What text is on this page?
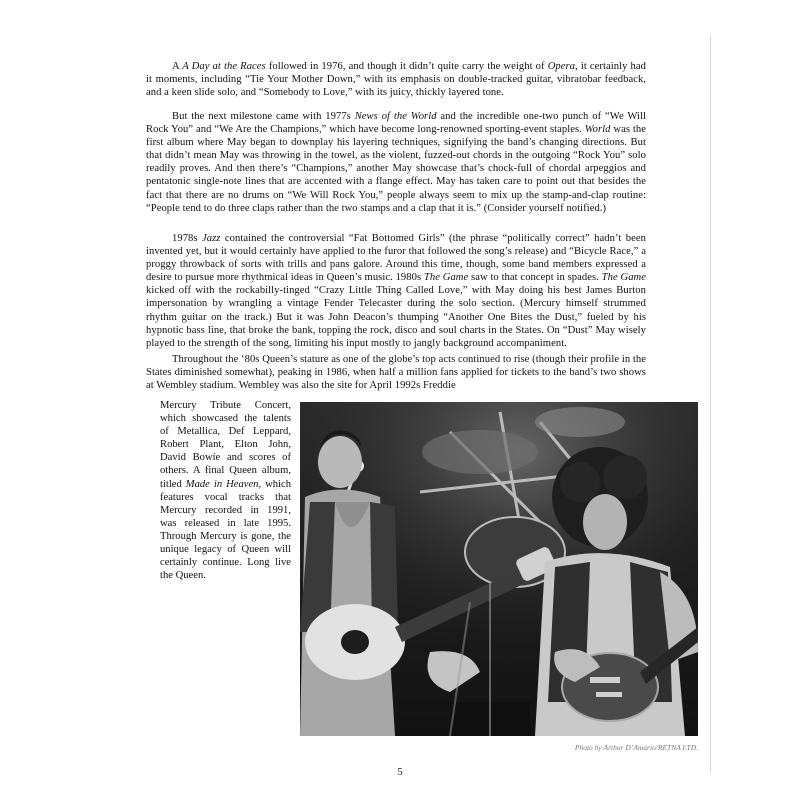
A A Day at the Races followed in 1976, and though it didn’t quite carry the weight of Opera, it certainly had it moments, including “Tie Your Mother Down,” with its emphasis on double-tracked guitar, vibratobar feedback, and a keen slide solo, and “Somebody to Love,” with its juicy, thickly layered tone.

But the next milestone came with 1977s News of the World and the incredible one-two punch of “We Will Rock You” and “We Are the Champions,” which have become long-renowned sporting-event staples. World was the first album where May began to downplay his layering techniques, signifying the band’s changing directions. But that didn’t mean May was throwing in the towel, as the violent, fuzzed-out chords in the outgoing “Rock You” solo readily proves. And then there’s “Champions,” another May showcase that’s chock-full of chordal arpeggios and pentatonic single-note lines that are accented with a flange effect. May has taken care to point out that besides the fact that there are no drums on “We Will Rock You,” people always seem to mix up the stamp-and-clap routine: “People tend to do three claps rather than the two stamps and a clap that it is.” (Consider yourself notified.)

1978s Jazz contained the controversial “Fat Bottomed Girls” (the phrase “politically correct” hadn’t been invented yet, but it would certainly have applied to the furor that followed the song’s release) and “Bicycle Race,” a proggy throwback of sorts with trills and pans galore. Around this time, though, some band members expressed a desire to pursue more rhythmical ideas in Queen’s music. 1980s The Game saw to that concept in spades. The Game kicked off with the rockabilly-tinged “Crazy Little Thing Called Love,” with May doing his best James Burton impersonation by wrangling a vintage Fender Telecaster during the solo section. (Mercury himself strummed rhythm guitar on the track.) But it was John Deacon’s thumping “Another One Bites the Dust,” fueled by his hypnotic bass line, that broke the bank, topping the rock, disco and soul charts in the States. On “Dust” May wisely played to the strength of the song, limiting his input mostly to jangly background accompaniment.

Throughout the ‘80s Queen’s stature as one of the globe’s top acts continued to rise (though their profile in the States diminished somewhat), peaking in 1986, when half a million fans applied for tickets to the band’s two shows at Wembley stadium. Wembley was also the site for April 1992s Freddie

Mercury Tribute Concert, which showcased the talents of Metallica, Def Leppard, Robert Plant, Elton John, David Bowie and scores of others. A final Queen album, titled Made in Heaven, which features vocal tracks that Mercury recorded in 1991, was released in late 1995. Through Mercury is gone, the unique legacy of Queen will certainly continue. Long live the Queen.

Photo by Arthur D’Amario/RETNA LTD.
5
